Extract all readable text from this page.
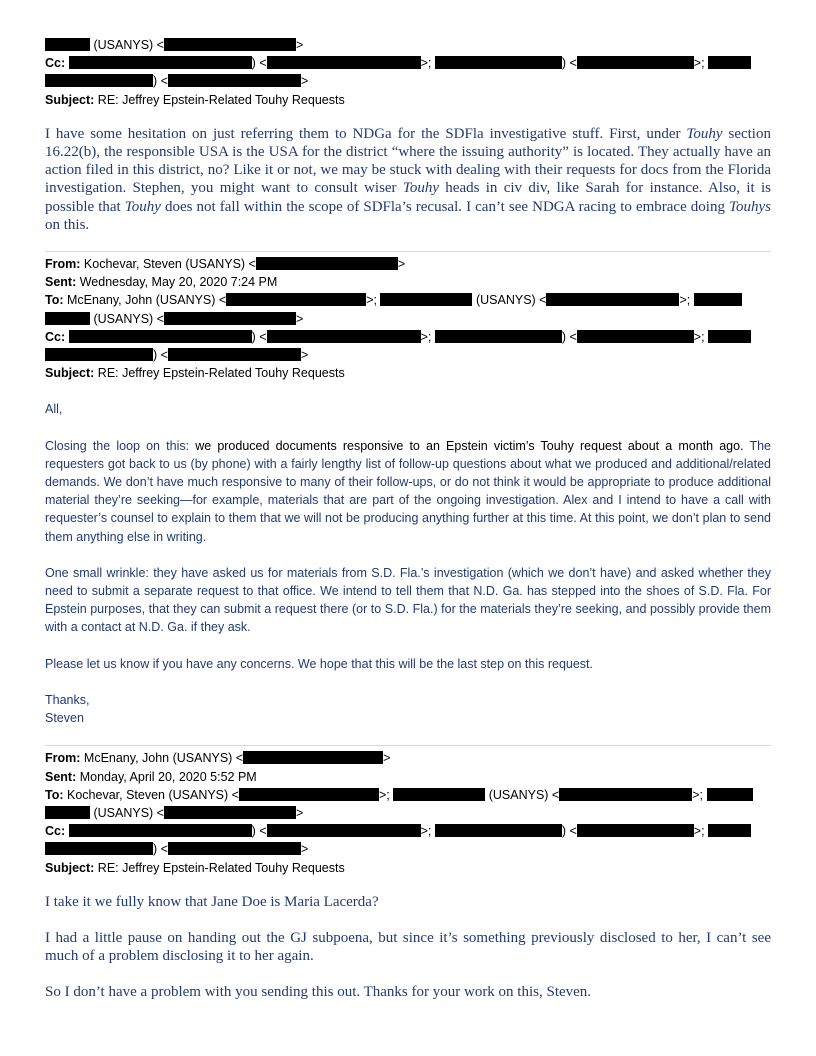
(USANYS) <	>
Cc:	) <	>;	) <	>;
) <	>
Subject: RE: Jeffrey Epstein-Related Touhy Requests

I have some hesitation on just referring them to NDGa for the SDFla investigative stuff. First, under Touhy section 16.22(b), the responsible USA is the USA for the district “where the issuing authority” is located. They actually have an action filed in this district, no? Like it or not, we may be stuck with dealing with their requests for docs from the Florida investigation. Stephen, you might want to consult wiser Touhy heads in civ div, like Sarah for instance. Also, it is possible that Touhy does not fall within the scope of SDFla’s recusal. I can’t see NDGA racing to embrace doing Touhys on this.

From: Kochevar, Steven (USANYS) <	>
Sent: Wednesday, May 20, 2020 7:24 PM
To: McEnany, John (USANYS) <	>;	(USANYS) <	>;
(USANYS) <	>
Cc:	) <	>;	) <	>;
) <	>
Subject: RE: Jeffrey Epstein-Related Touhy Requests

All,

Closing the loop on this: we produced documents responsive to an Epstein victim’s Touhy request about a month ago. The requesters got back to us (by phone) with a fairly lengthy list of follow-up questions about what we produced and additional/related demands. We don’t have much responsive to many of their follow-ups, or do not think it would be appropriate to produce additional material they’re seeking—for example, materials that are part of the ongoing investigation. Alex and I intend to have a call with requester’s counsel to explain to them that we will not be producing anything further at this time. At this point, we don’t plan to send them anything else in writing.

One small wrinkle: they have asked us for materials from S.D. Fla.’s investigation (which we don’t have) and asked whether they need to submit a separate request to that office. We intend to tell them that N.D. Ga. has stepped into the shoes of S.D. Fla. For Epstein purposes, that they can submit a request there (or to S.D. Fla.) for the materials they’re seeking, and possibly provide them with a contact at N.D. Ga. if they ask.

Please let us know if you have any concerns. We hope that this will be the last step on this request.

Thanks,

Steven

From: McEnany, John (USANYS) <	>
Sent: Monday, April 20, 2020 5:52 PM
To: Kochevar, Steven (USANYS) <	>;	(USANYS) <	>;
(USANYS) <	>
Cc:	) <	>;	) <	>;
) <	>
Subject: RE: Jeffrey Epstein-Related Touhy Requests

I take it we fully know that Jane Doe is Maria Lacerda?

I had a little pause on handing out the GJ subpoena, but since it’s something previously disclosed to her, I can’t see much of a problem disclosing it to her again.

So I don’t have a problem with you sending this out. Thanks for your work on this, Steven.
